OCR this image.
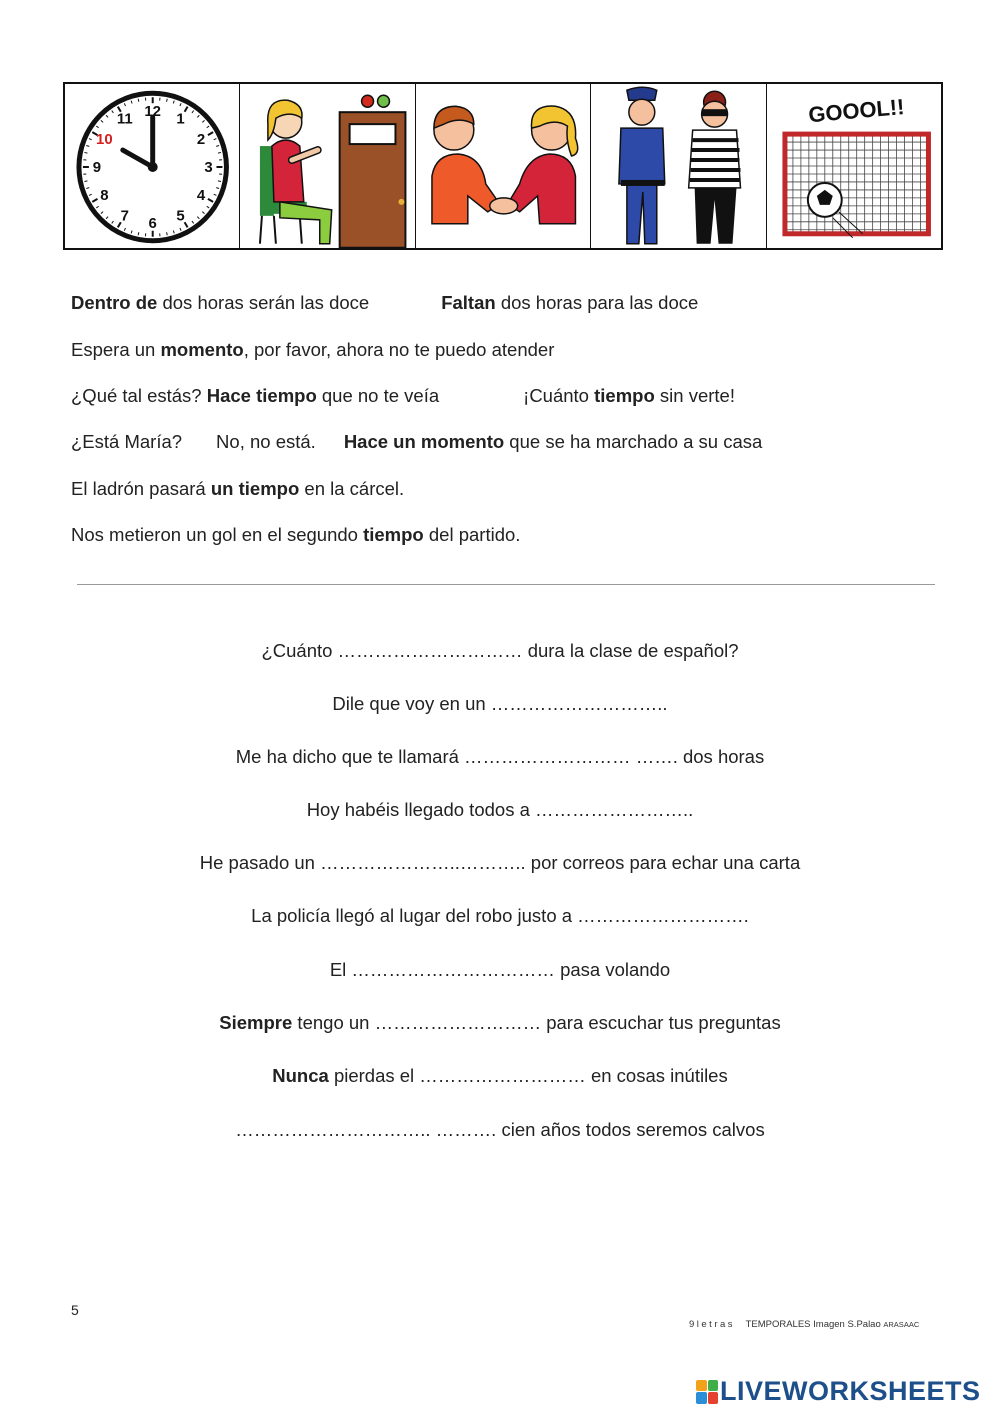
12 1
2
3
4
5
6
7
8
9
10
11	GOOOL!!
Dentro de dos horas serán las doce	Faltan dos horas para las doce
Espera un momento, por favor, ahora no te puedo atender
¿Qué tal estás? Hace tiempo que no te veía	¡Cuánto tiempo sin verte!
¿Está María? No, no está. Hace un momento que se ha marchado a su casa
El ladrón pasará un tiempo en la cárcel.
Nos metieron un gol en el segundo tiempo del partido.
¿Cuánto ………………………… dura la clase de español?
Dile que voy en un ………………………..
Me ha dicho que te llamará ……………………… ……. dos horas
Hoy habéis llegado todos a ……………………..
He pasado un …………………..……….. por correos para echar una carta
La policía llegó al lugar del robo justo a ……………………….
El …………………………… pasa volando
Siempre tengo un ……………………… para escuchar tus preguntas
Nunca pierdas el ……………………… en cosas inútiles
………………………….. ………. cien años todos seremos calvos
5
9letras TEMPORALES Imagen S.Palao ARASAAC
LIVEWORKSHEETS
